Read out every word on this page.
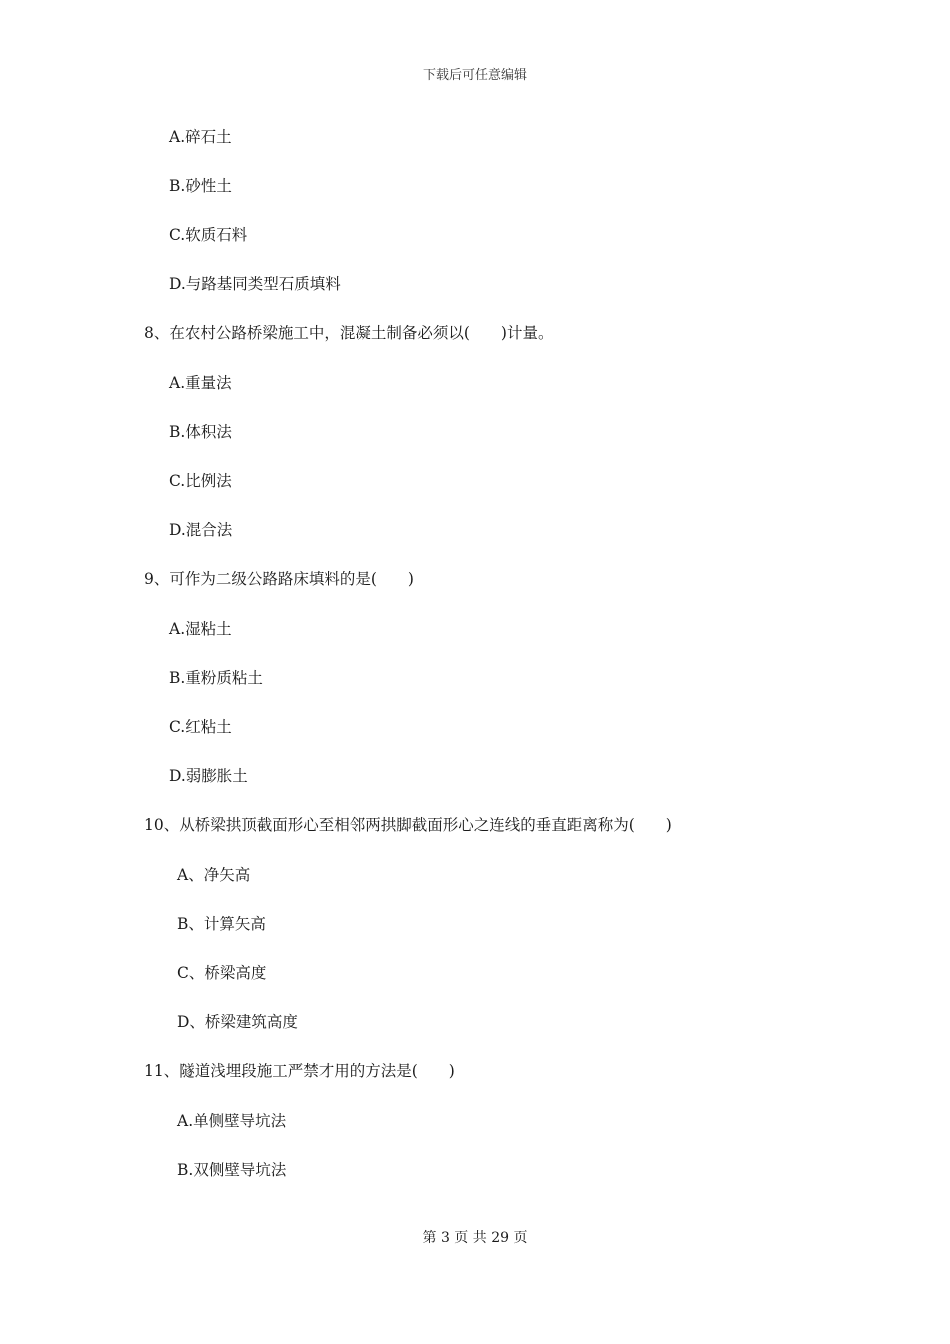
下载后可任意编辑
A.碎石土
B.砂性土
C.软质石料
D.与路基同类型石质填料
8、在农村公路桥梁施工中，混凝土制备必须以(　　)计量。
A.重量法
B.体积法
C.比例法
D.混合法
9、可作为二级公路路床填料的是(　　)
A.湿粘土
B.重粉质粘土
C.红粘土
D.弱膨胀土
10、从桥梁拱顶截面形心至相邻两拱脚截面形心之连线的垂直距离称为(　　)
A、净矢高
B、计算矢高
C、桥梁高度
D、桥梁建筑高度
11、隧道浅埋段施工严禁才用的方法是(　　)
A.单侧壁导坑法
B.双侧壁导坑法
第 3 页 共 29 页
